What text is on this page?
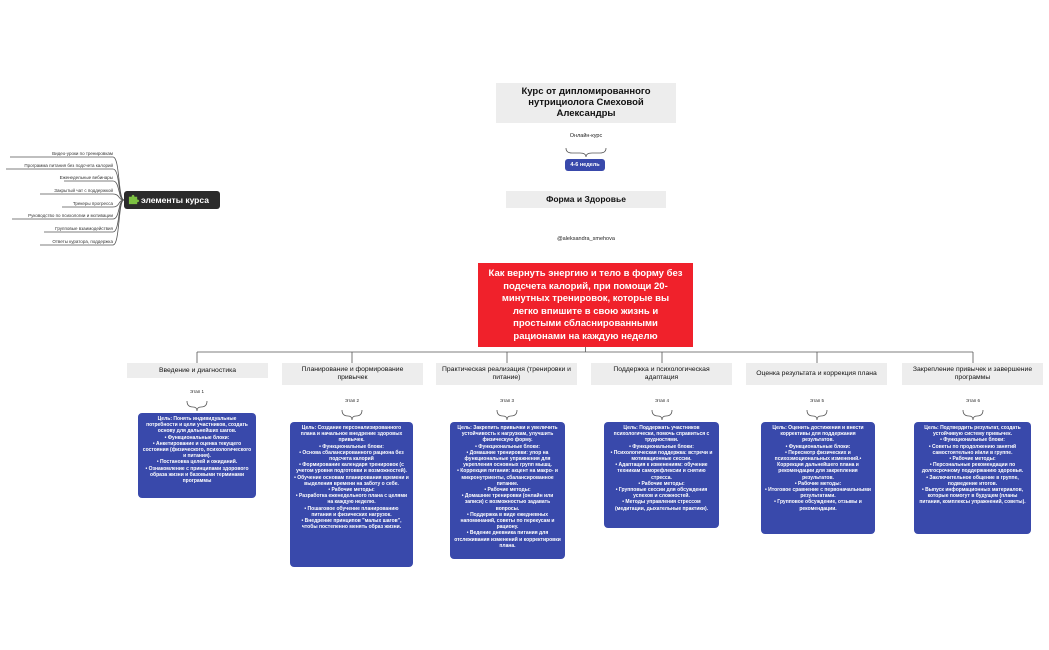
Курс от дипломированного нутрициолога Смеховой Александры
Онлайн-курс
4-6 недель
Форма и Здоровье
@aleksandra_smehova
Как вернуть энергию и тело в форму без подсчета калорий, при помощи 20-минутных тренировок, которые вы легко впишите в свою жизнь и простыми сбласнированными рационами на каждую неделю
Введение и диагностика
Этап 1
Цель: Понять индивидуальные потребности и цели участников, создать основу для дальнейших шагов.
• Функциональные блоки:
• Анкетирование и оценка текущего состояния (физического, психологического и питания).
• Постановка целей и ожиданий.
• Ознакомление с принципами здорового образа жизни и базовыми терминами программы
Планирование и формирование привычек
Этап 2
Цель: Создание персонализированного плана и начальное внедрение здоровых привычек.
• Функциональные блоки:
• Основа сбалансированного рациона без подсчета калорий
• Формирование календаря тренировок (с учетом уровня подготовки и возможностей).
• Обучение основам планирования времени и выделения времени на заботу о себе.
• Рабочие методы:
• Разработка еженедельного плана с целями на каждую неделю.
• Пошаговое обучение планированию питания и физических нагрузок.
• Внедрение принципов "малых шагов", чтобы постепенно менять образ жизни.
Практическая реализация (тренировки и питание)
Этап 3
Цель: Закрепить привычки и увеличить устойчивость к нагрузкам, улучшить физическую форму.
• Функциональные блоки:
• Домашние тренировки: упор на функциональные упражнения для укрепления основных групп мышц.
• Коррекция питания: акцент на макро- и микронутриенты, сбалансированное питание.
• Рабочие методы:
• Домашние тренировки (онлайн или записи) с возможностью задавать вопросы.
• Поддержка в виде ежедневных напоминаний, советы по перекусам и рациону.
• Ведение дневника питания для отслеживания изменений и корректировки плана.
Поддержка и психологическая адаптация
Этап 4
Цель: Поддержать участников психологически, помочь справиться с трудностями.
• Функциональные блоки:
• Психологическая поддержка: встречи и мотивационные сессии.
• Адаптация к изменениям: обучение техникам саморефлексии и снятию стресса.
• Рабочие методы:
• Групповые сессии для обсуждения успехов и сложностей.
• Методы управления стрессом (медитации, дыхательные практики).
Оценка результата и коррекция плана
Этап 5
Цель: Оценить достижения и внести коррективы для поддержания результатов.
• Функциональные блоки:
• Пересмотр физических и психоэмоциональных изменений.• Коррекция дальнейшего плана и рекомендации для закрепления результатов.
• Рабочие методы:
• Итоговое сравнение с первоначальными результатами.
• Групповое обсуждение, отзывы и рекомендации.
Закрепление привычек и завершение программы
Этап 6
Цель: Подтвердить результат, создать устойчивую систему привычек.
• Функциональные блоки:
• Советы по продолжению занятий самостоятельно и/или в группе.
• Рабочие методы:
• Персональные рекомендации по долгосрочному поддержанию здоровья.
• Заключительное общение в группе, подведение итогов.
• Выпуск информационных материалов, которые помогут в будущем (планы питания, комплексы упражнений, советы).
элементы курса
Видео-уроки по тренировкам
Программа питания без подсчета калорий
Еженедельные вебинары
Закрытый чат с поддержкой
Трекеры прогресса
Руководство по психологии и мотивации
Групповые взаимодействия
Ответы куратора, поддержка
